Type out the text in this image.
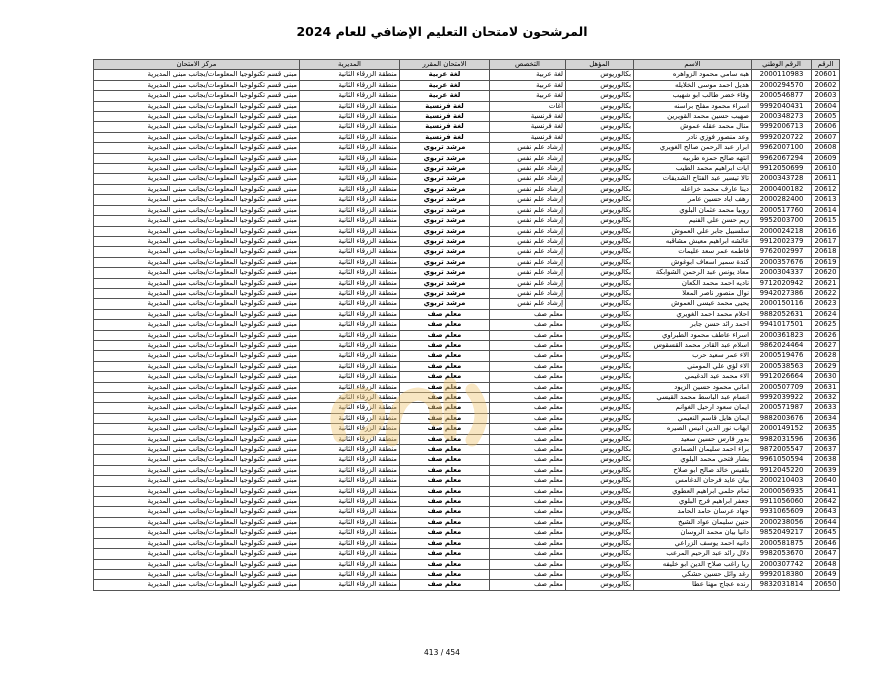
المرشحون لامتحان التعليم الإضافي للعام 2024
الرقم	الرقم الوطني	الاسم	المؤهل	التخصص	الامتحان المقرر	المديرية	مركز الامتحان
20601	2000110983	هبه سامي محمود الزواهره	بكالوريوس	لغة عربية	لغة عربية	منطقة الزرقاء الثانية	مبنى قسم تكنولوجيا المعلومات/بجانب مبنى المديرية
20602	2000294570	هديل احمد موسى الخلايله	بكالوريوس	لغة عربية	لغة عربية	منطقة الزرقاء الثانية	مبنى قسم تكنولوجيا المعلومات/بجانب مبنى المديرية
20603	2000546877	وفاء خضر طالب ابو شهيب	بكالوريوس	لغة عربية	لغة عربية	منطقة الزرقاء الثانية	مبنى قسم تكنولوجيا المعلومات/بجانب مبنى المديرية
20604	9992040431	اسراء محمود مفلح براسنه	بكالوريوس	آغات	لغة فرنسية	منطقة الزرقاء الثانية	مبنى قسم تكنولوجيا المعلومات/بجانب مبنى المديرية
20605	2000348273	صهيب حسين محمد القويرين	بكالوريوس	لغة فرنسية	لغة فرنسية	منطقة الزرقاء الثانية	مبنى قسم تكنولوجيا المعلومات/بجانب مبنى المديرية
20606	9992006713	منال محمد عقله عموش	بكالوريوس	لغة فرنسية	لغة فرنسية	منطقة الزرقاء الثانية	مبنى قسم تكنولوجيا المعلومات/بجانب مبنى المديرية
20607	9992020722	وعد منصور فوزي نادر	بكالوريوس	لغة فرنسية	لغة فرنسية	منطقة الزرقاء الثانية	مبنى قسم تكنولوجيا المعلومات/بجانب مبنى المديرية
20608	9962007100	ابرار عبد الرحمن صالح الغويري	بكالوريوس	إرشاد علم نفس	مرشد تربوي	منطقة الزرقاء الثانية	مبنى قسم تكنولوجيا المعلومات/بجانب مبنى المديرية
20609	9962067294	انتهه صالح حمزه طربيه	بكالوريوس	إرشاد علم نفس	مرشد تربوي	منطقة الزرقاء الثانية	مبنى قسم تكنولوجيا المعلومات/بجانب مبنى المديرية
20610	9912050699	ايات ابراهيم محمد الطيب	بكالوريوس	إرشاد علم نفس	مرشد تربوي	منطقة الزرقاء الثانية	مبنى قسم تكنولوجيا المعلومات/بجانب مبنى المديرية
20611	2000343728	تالا تيسير عبد الفتاح الشديفات	بكالوريوس	إرشاد علم نفس	مرشد تربوي	منطقة الزرقاء الثانية	مبنى قسم تكنولوجيا المعلومات/بجانب مبنى المديرية
20612	2000400182	دينا عارف محمد خزاعله	بكالوريوس	إرشاد علم نفس	مرشد تربوي	منطقة الزرقاء الثانية	مبنى قسم تكنولوجيا المعلومات/بجانب مبنى المديرية
20613	2000282400	رهف اياد حسين عامر	بكالوريوس	إرشاد علم نفس	مرشد تربوي	منطقة الزرقاء الثانية	مبنى قسم تكنولوجيا المعلومات/بجانب مبنى المديرية
20614	2000517760	روبيا محمد عثمان البلوي	بكالوريوس	إرشاد علم نفس	مرشد تربوي	منطقة الزرقاء الثانية	مبنى قسم تكنولوجيا المعلومات/بجانب مبنى المديرية
20615	9952003700	ريم حسن علي الفنيم	بكالوريوس	إرشاد علم نفس	مرشد تربوي	منطقة الزرقاء الثانية	مبنى قسم تكنولوجيا المعلومات/بجانب مبنى المديرية
20616	2000024218	سلسبيل جابر علي العموش	بكالوريوس	إرشاد علم نفس	مرشد تربوي	منطقة الزرقاء الثانية	مبنى قسم تكنولوجيا المعلومات/بجانب مبنى المديرية
20617	9912002379	عائشه ابراهيم معيش مشاقبه	بكالوريوس	إرشاد علم نفس	مرشد تربوي	منطقة الزرقاء الثانية	مبنى قسم تكنولوجيا المعلومات/بجانب مبنى المديرية
20618	9762002997	فاطمه عمر سعد عليمات	بكالوريوس	إرشاد علم نفس	مرشد تربوي	منطقة الزرقاء الثانية	مبنى قسم تكنولوجيا المعلومات/بجانب مبنى المديرية
20619	2000357676	كندة سمير اسعاف ابوغوش	بكالوريوس	إرشاد علم نفس	مرشد تربوي	منطقة الزرقاء الثانية	مبنى قسم تكنولوجيا المعلومات/بجانب مبنى المديرية
20620	2000304337	معاذ يونس عبد الرحمن الشوابكة	بكالوريوس	إرشاد علم نفس	مرشد تربوي	منطقة الزرقاء الثانية	مبنى قسم تكنولوجيا المعلومات/بجانب مبنى المديرية
20621	9712020942	ناديه احمد محمد الكعان	بكالوريوس	إرشاد علم نفس	مرشد تربوي	منطقة الزرقاء الثانية	مبنى قسم تكنولوجيا المعلومات/بجانب مبنى المديرية
20622	9942027386	نوال منصور ناصر المعلا	بكالوريوس	إرشاد علم نفس	مرشد تربوي	منطقة الزرقاء الثانية	مبنى قسم تكنولوجيا المعلومات/بجانب مبنى المديرية
20623	2000150116	يحيى محمد عيسى العموش	بكالوريوس	إرشاد علم نفس	مرشد تربوي	منطقة الزرقاء الثانية	مبنى قسم تكنولوجيا المعلومات/بجانب مبنى المديرية
20624	9882052631	احلام محمد احمد الغويري	بكالوريوس	معلم صف	معلم صف	منطقة الزرقاء الثانية	مبنى قسم تكنولوجيا المعلومات/بجانب مبنى المديرية
20625	9941017501	احمد رائد حسن جابر	بكالوريوس	معلم صف	معلم صف	منطقة الزرقاء الثانية	مبنى قسم تكنولوجيا المعلومات/بجانب مبنى المديرية
20626	2000361823	اسراء عاطف محمود الطبراوي	بكالوريوس	معلم صف	معلم صف	منطقة الزرقاء الثانية	مبنى قسم تكنولوجيا المعلومات/بجانب مبنى المديرية
20627	9862024464	اسلام عبد القادر محمد القسقوس	بكالوريوس	معلم صف	معلم صف	منطقة الزرقاء الثانية	مبنى قسم تكنولوجيا المعلومات/بجانب مبنى المديرية
20628	2000519476	الاء عمر سعيد حرب	بكالوريوس	معلم صف	معلم صف	منطقة الزرقاء الثانية	مبنى قسم تكنولوجيا المعلومات/بجانب مبنى المديرية
20629	2000538563	الاء لؤي علي المومني	بكالوريوس	معلم صف	معلم صف	منطقة الزرقاء الثانية	مبنى قسم تكنولوجيا المعلومات/بجانب مبنى المديرية
20630	9912026664	الاء محمد عيد الدغيمي	بكالوريوس	معلم صف	معلم صف	منطقة الزرقاء الثانية	مبنى قسم تكنولوجيا المعلومات/بجانب مبنى المديرية
20631	2000507709	اماني محمود حسين الزيود	بكالوريوس	معلم صف	معلم صف	منطقة الزرقاء الثانية	مبنى قسم تكنولوجيا المعلومات/بجانب مبنى المديرية
20632	9992039922	انسام عبد الباسط محمد القيسي	بكالوريوس	معلم صف	معلم صف	منطقة الزرقاء الثانية	مبنى قسم تكنولوجيا المعلومات/بجانب مبنى المديرية
20633	2000571987	ايمان سعود ارحيل الغوانم	بكالوريوس	معلم صف	معلم صف	منطقة الزرقاء الثانية	مبنى قسم تكنولوجيا المعلومات/بجانب مبنى المديرية
20634	9882003676	ايمان هايل قاسم النعيمي	بكالوريوس	معلم صف	معلم صف	منطقة الزرقاء الثانية	مبنى قسم تكنولوجيا المعلومات/بجانب مبنى المديرية
20635	2000149152	ايهاب نور الدين انيس الصيره	بكالوريوس	معلم صف	معلم صف	منطقة الزرقاء الثانية	مبنى قسم تكنولوجيا المعلومات/بجانب مبنى المديرية
20636	9982031596	بدور فارس حسين سعيد	بكالوريوس	معلم صف	معلم صف	منطقة الزرقاء الثانية	مبنى قسم تكنولوجيا المعلومات/بجانب مبنى المديرية
20637	9872005547	براء احمد سليمان الصمادي	بكالوريوس	معلم صف	معلم صف	منطقة الزرقاء الثانية	مبنى قسم تكنولوجيا المعلومات/بجانب مبنى المديرية
20638	9961050594	بشار فتحي محمد البلوي	بكالوريوس	معلم صف	معلم صف	منطقة الزرقاء الثانية	مبنى قسم تكنولوجيا المعلومات/بجانب مبنى المديرية
20639	9912045220	بلقيس خالد صالح ابو صلاح	بكالوريوس	معلم صف	معلم صف	منطقة الزرقاء الثانية	مبنى قسم تكنولوجيا المعلومات/بجانب مبنى المديرية
20640	2000210403	بيان عايد فرحان الدغامس	بكالوريوس	معلم صف	معلم صف	منطقة الزرقاء الثانية	مبنى قسم تكنولوجيا المعلومات/بجانب مبنى المديرية
20641	2000056935	تمام حلمي ابراهيم العطوي	بكالوريوس	معلم صف	معلم صف	منطقة الزرقاء الثانية	مبنى قسم تكنولوجيا المعلومات/بجانب مبنى المديرية
20642	9911056060	جعفر ابراهيم فرج البلوي	بكالوريوس	معلم صف	معلم صف	منطقة الزرقاء الثانية	مبنى قسم تكنولوجيا المعلومات/بجانب مبنى المديرية
20643	9931065609	جهاد عرسان حامد الحامد	بكالوريوس	معلم صف	معلم صف	منطقة الزرقاء الثانية	مبنى قسم تكنولوجيا المعلومات/بجانب مبنى المديرية
20644	2000238056	حنين سليمان عواد الشيخ	بكالوريوس	معلم صف	معلم صف	منطقة الزرقاء الثانية	مبنى قسم تكنولوجيا المعلومات/بجانب مبنى المديرية
20645	9852049217	دانيا بيان محمد الروسان	بكالوريوس	معلم صف	معلم صف	منطقة الزرقاء الثانية	مبنى قسم تكنولوجيا المعلومات/بجانب مبنى المديرية
20646	2000581875	دانيه احمد يوسف الزراعي	بكالوريوس	معلم صف	معلم صف	منطقة الزرقاء الثانية	مبنى قسم تكنولوجيا المعلومات/بجانب مبنى المديرية
20647	9982053670	دلال رائد عبد الرحيم المرعب	بكالوريوس	معلم صف	معلم صف	منطقة الزرقاء الثانية	مبنى قسم تكنولوجيا المعلومات/بجانب مبنى المديرية
20648	2000307742	ريا راغب صلاح الدين ابو خليفه	بكالوريوس	معلم صف	معلم صف	منطقة الزرقاء الثانية	مبنى قسم تكنولوجيا المعلومات/بجانب مبنى المديرية
20649	9992018380	رغد وائل حسين حشكي	بكالوريوس	معلم صف	معلم صف	منطقة الزرقاء الثانية	مبنى قسم تكنولوجيا المعلومات/بجانب مبنى المديرية
20650	9832031814	رنده عجاج مهنا عطا	بكالوريوس	معلم صف	معلم صف	منطقة الزرقاء الثانية	مبنى قسم تكنولوجيا المعلومات/بجانب مبنى المديرية
413 / 454
